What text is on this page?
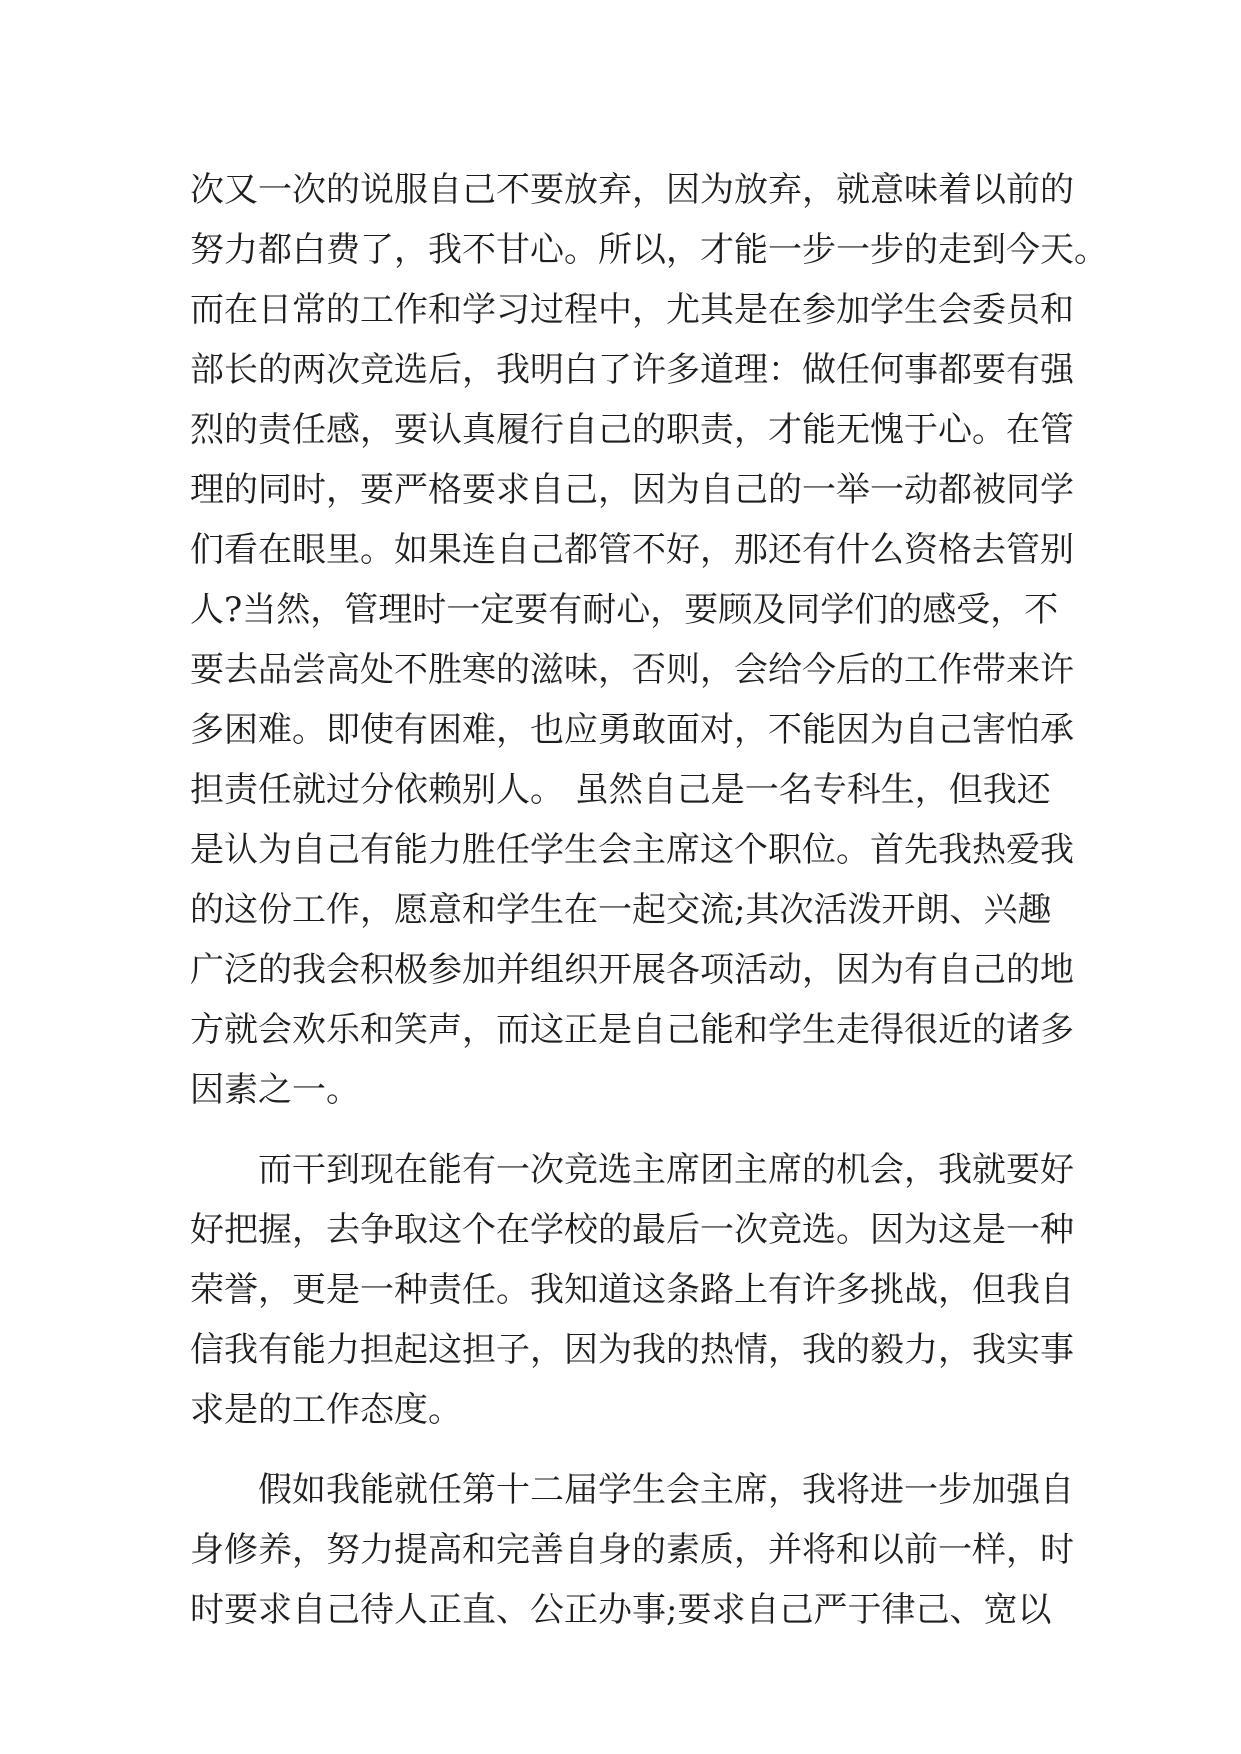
次又一次的说服自己不要放弃，因为放弃，就意味着以前的
努力都白费了，我不甘心。所以，才能一步一步的走到今天。
而在日常的工作和学习过程中，尤其是在参加学生会委员和
部长的两次竞选后，我明白了许多道理：做任何事都要有强
烈的责任感，要认真履行自己的职责，才能无愧于心。在管
理的同时，要严格要求自己，因为自己的一举一动都被同学
们看在眼里。如果连自己都管不好，那还有什么资格去管别
人?当然，管理时一定要有耐心，要顾及同学们的感受，不
要去品尝高处不胜寒的滋味，否则，会给今后的工作带来许
多困难。即使有困难，也应勇敢面对，不能因为自己害怕承
担责任就过分依赖别人。 虽然自己是一名专科生，但我还
是认为自己有能力胜任学生会主席这个职位。首先我热爱我
的这份工作，愿意和学生在一起交流;其次活泼开朗、兴趣
广泛的我会积极参加并组织开展各项活动，因为有自己的地
方就会欢乐和笑声，而这正是自己能和学生走得很近的诸多
因素之一。
而干到现在能有一次竞选主席团主席的机会，我就要好
好把握，去争取这个在学校的最后一次竞选。因为这是一种
荣誉，更是一种责任。我知道这条路上有许多挑战，但我自
信我有能力担起这担子，因为我的热情，我的毅力，我实事
求是的工作态度。
假如我能就任第十二届学生会主席，我将进一步加强自
身修养，努力提高和完善自身的素质，并将和以前一样，时
时要求自己待人正直、公正办事;要求自己严于律己、宽以
